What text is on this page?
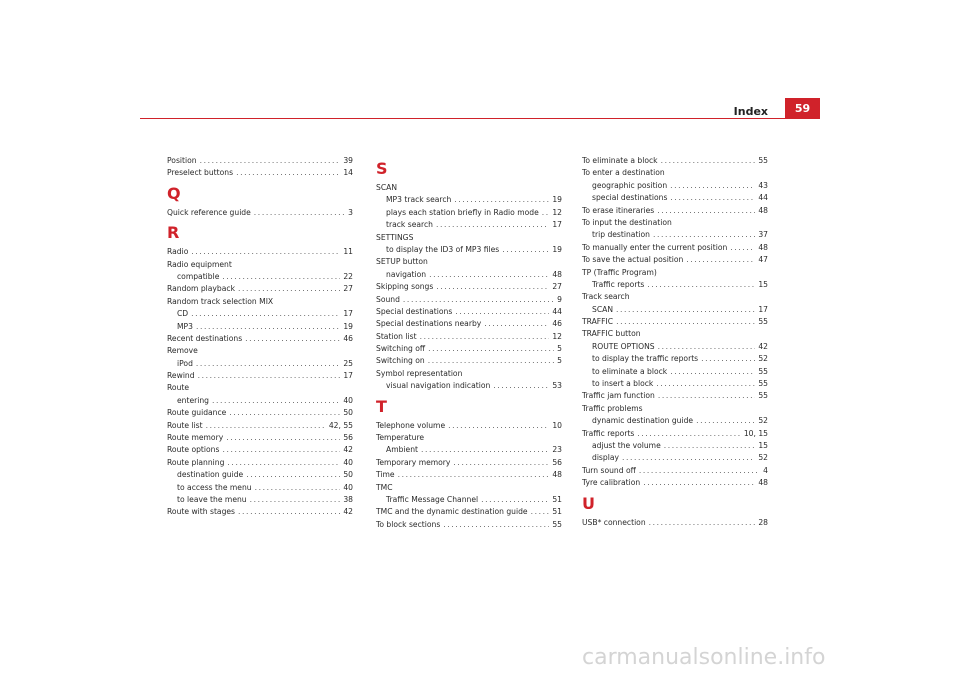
Index	59
Position .....	39
Preselect buttons .....	14
Q
Quick reference guide .....	3
R
Radio .....	11
Radio equipment
compatible .....	22
Random playback .....	27
Random track selection MIX
CD .....	17
MP3 .....	19
Recent destinations .....	46
Remove
iPod .....	25
Rewind .....	17
Route
entering .....	40
Route guidance .....	50
Route list .....	42, 55
Route memory .....	56
Route options .....	42
Route planning .....	40
destination guide .....	50
to access the menu .....	40
to leave the menu .....	38
Route with stages .....	42
S
SCAN
MP3 track search .....	19
plays each station briefly in Radio mode ..... 12
track search .....	17
SETTINGS
to display the ID3 of MP3 files .....	19
SETUP button
navigation .....	48
Skipping songs .....	27
Sound .....	9
Special destinations .....	44
Special destinations nearby .....	46
Station list .....	12
Switching off .....	5
Switching on .....	5
Symbol representation
visual navigation indication .....	53
T
Telephone volume .....	10
Temperature
Ambient .....	23
Temporary memory .....	56
Time .....	48
TMC
Traffic Message Channel .....	51
TMC and the dynamic destination guide .....	51
To block sections .....	55
To eliminate a block .....	55
To enter a destination
geographic position .....	43
special destinations .....	44
To erase itineraries .....	48
To input the destination
trip destination .....	37
To manually enter the current position .....	48
To save the actual position .....	47
TP (Traffic Program)
Traffic reports .....	15
Track search
SCAN .....	17
TRAFFIC .....	55
TRAFFIC button
ROUTE OPTIONS .....	42
to display the traffic reports .....	52
to eliminate a block .....	55
to insert a block .....	55
Traffic jam function .....	55
Traffic problems
dynamic destination guide .....	52
Traffic reports .....	10, 15
adjust the volume .....	15
display .....	52
Turn sound off .....	4
Tyre calibration .....	48
U
USB* connection .....	28
carmanualsonline.info
